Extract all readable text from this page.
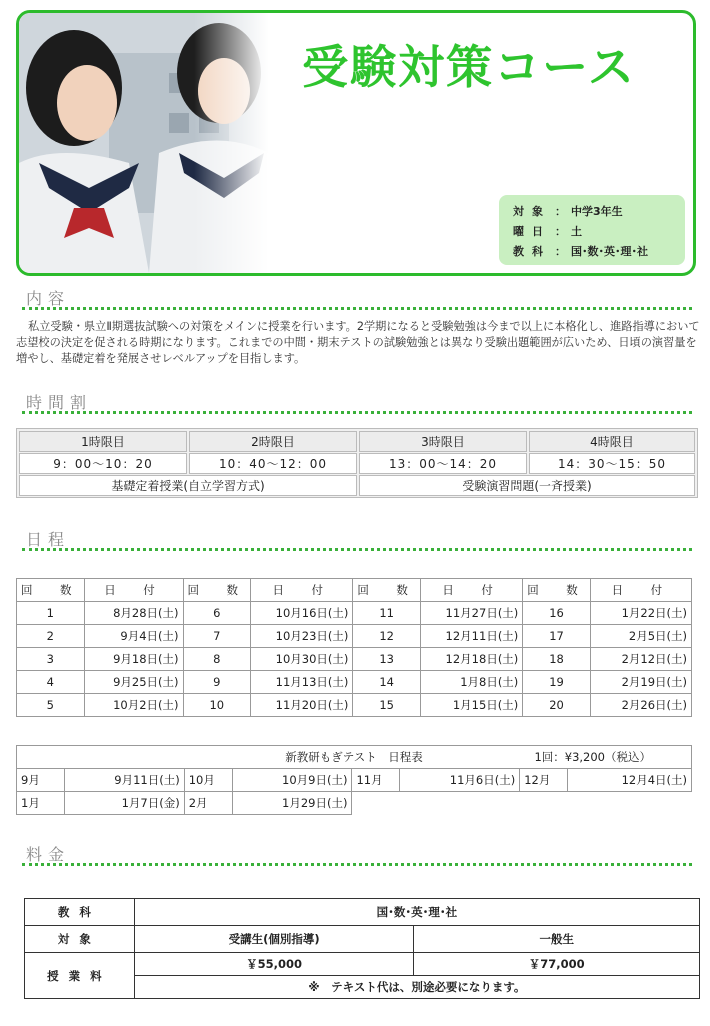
受験対策コース
対象 ： 中学3年生
曜日 ： 土
教科 ： 国･数･英･理･社
内容
私立受験・県立Ⅱ期選抜試験への対策をメインに授業を行います。2学期になると受験勉強は今まで以上に本格化し、進路指導において志望校の決定を促される時期になります。これまでの中間・期末テストの試験勉強とは異なり受験出題範囲が広いため、日頃の演習量を増やし、基礎定着を発展させレベルアップを目指します。
時間割
1時限目	2時限目	3時限目	4時限目
9：00～10：20	10：40～12：00	13：00～14：20	14：30～15：50
基礎定着授業(自立学習方式)	受験演習問題(一斉授業)
日程
回　数	日　付	回　数	日　付	回　数	日　付	回　数	日　付
1	8月28日(土)	6	10月16日(土)	11	11月27日(土)	16	1月22日(土)
2	9月4日(土)	7	10月23日(土)	12	12月11日(土)	17	2月5日(土)
3	9月18日(土)	8	10月30日(土)	13	12月18日(土)	18	2月12日(土)
4	9月25日(土)	9	11月13日(土)	14	1月8日(土)	19	2月19日(土)
5	10月2日(土)	10	11月20日(土)	15	1月15日(土)	20	2月26日(土)
新教研もぎテスト　日程表 1回：¥3,200（税込）							

9月	9月11日(土)	10月	10月9日(土)	11月	11月6日(土)	12月	12月4日(土)
1月	1月7日(金)	2月	1月29日(土)				
料金
教科	国･数･英･理･社	
対象	受講生(個別指導)	一般生
授業料	￥55,000	￥77,000
	※　テキスト代は、別途必要になります。	
